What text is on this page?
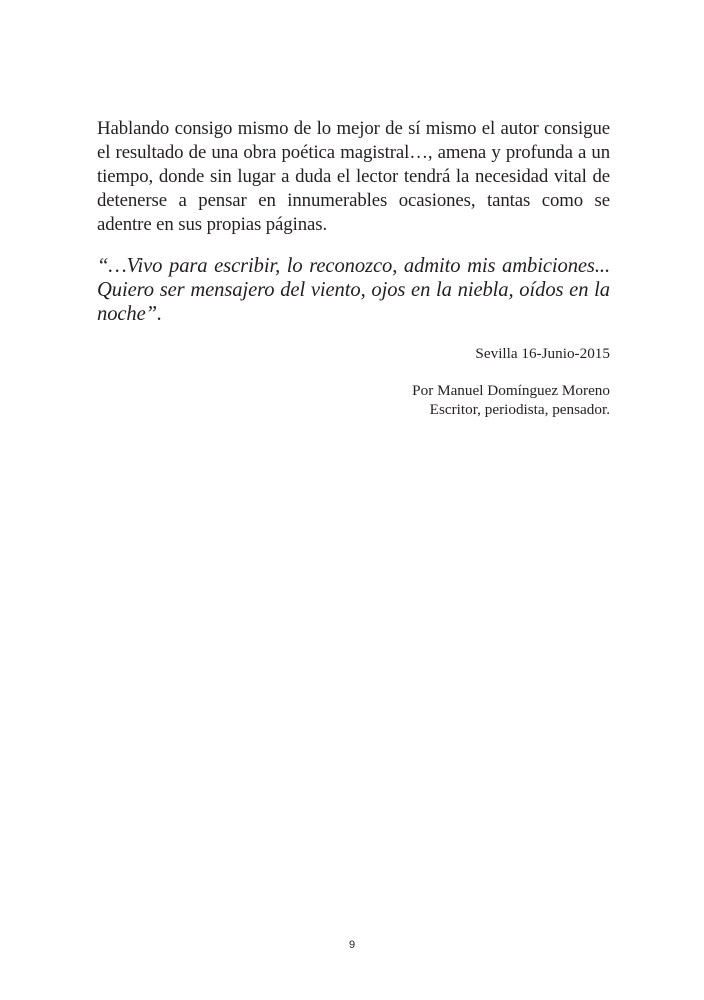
Hablando consigo mismo de lo mejor de sí mismo el autor consigue el resultado de una obra poética magistral…, amena y profunda a un tiempo, donde sin lugar a duda el lector tendrá la necesidad vital de detenerse a pensar en innumerables ocasiones, tantas como se adentre en sus propias páginas.

“…Vivo para escribir, lo reconozco, admito mis ambiciones... Quiero ser mensajero del viento, ojos en la niebla, oídos en la noche”.

Sevilla 16-Junio-2015
Por Manuel Domínguez Moreno
Escritor, periodista, pensador.
9
